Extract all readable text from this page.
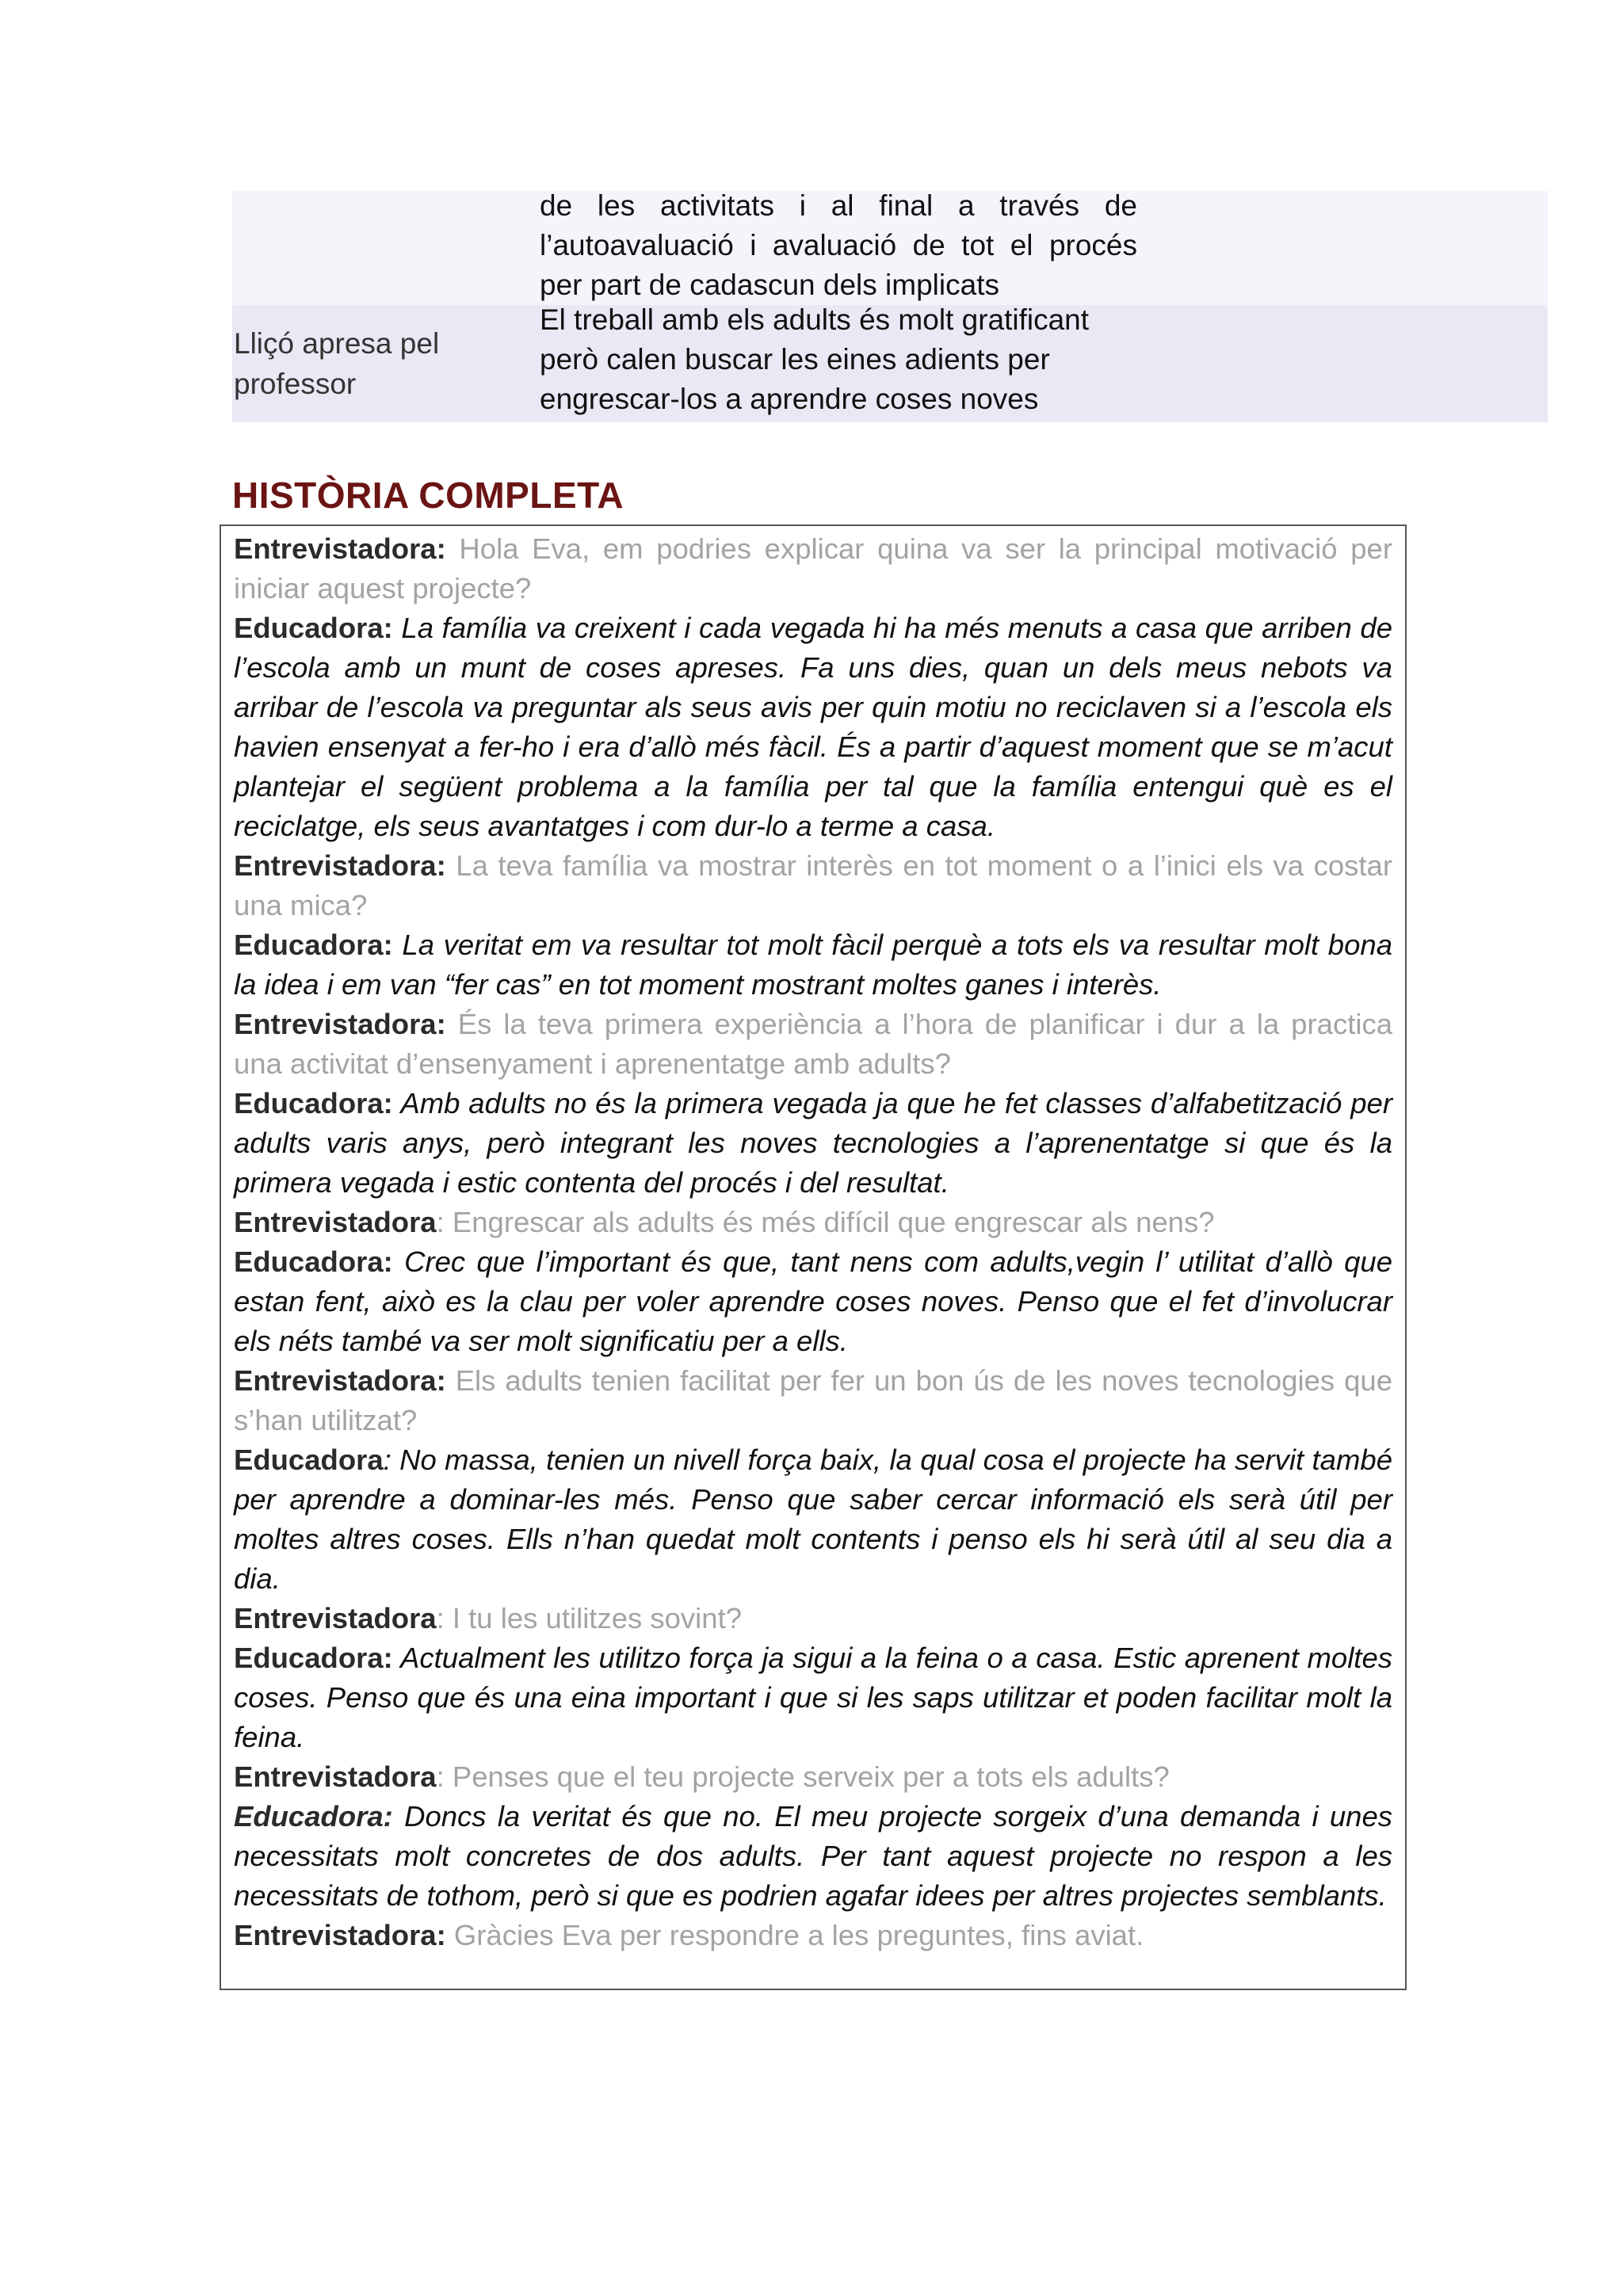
de les activitats i al final a través de l’autoavaluació i avaluació de tot el procés per part de cadascun dels implicats
Lliçó apresa pel professor
El treball amb els adults és molt gratificant però calen buscar les eines adients per engrescar-los a aprendre coses noves
HISTÒRIA COMPLETA

Entrevistadora: Hola Eva, em podries explicar quina va ser la principal motivació per iniciar aquest projecte?

Educadora: La família va creixent i cada vegada hi ha més menuts a casa que arriben de l’escola amb un munt de coses apreses. Fa uns dies, quan un dels meus nebots va arribar de l’escola va preguntar als seus avis per quin motiu no reciclaven si a l’escola els havien ensenyat a fer-ho i era d’allò més fàcil. És a partir d’aquest moment que se m’acut plantejar el següent problema a la família per tal que la família entengui què es el reciclatge, els seus avantatges i com dur-lo a terme a casa.

Entrevistadora: La teva família va mostrar interès en tot moment o a l’inici els va costar una mica?

Educadora: La veritat em va resultar tot molt fàcil perquè a tots els va resultar molt bona la idea i em van “fer cas” en tot moment mostrant moltes ganes i interès.

Entrevistadora: És la teva primera experiència a l’hora de planificar i dur a la practica una activitat d’ensenyament i aprenentatge amb adults?

Educadora: Amb adults no és la primera vegada ja que he fet classes d’alfabetització per adults varis anys, però integrant les noves tecnologies a l’aprenentatge si que és la primera vegada i estic contenta del procés i del resultat.

Entrevistadora: Engrescar als adults és més difícil que engrescar als nens?

Educadora: Crec que l’important és que, tant nens com adults,vegin l’ utilitat d’allò que estan fent, això es la clau per voler aprendre coses noves. Penso que el fet d’involucrar els néts també va ser molt significatiu per a ells.

Entrevistadora: Els adults tenien facilitat per fer un bon ús de les noves tecnologies que s’han utilitzat?

Educadora: No massa, tenien un nivell força baix, la qual cosa el projecte ha servit també per aprendre a dominar-les més. Penso que saber cercar informació els serà útil per moltes altres coses. Ells n’han quedat molt contents i penso els hi serà útil al seu dia a dia.

Entrevistadora: I tu les utilitzes sovint?

Educadora: Actualment les utilitzo força ja sigui a la feina o a casa. Estic aprenent moltes coses. Penso que és una eina important i que si les saps utilitzar et poden facilitar molt la feina.

Entrevistadora: Penses que el teu projecte serveix per a tots els adults?

Educadora: Doncs la veritat és que no. El meu projecte sorgeix d’una demanda i unes necessitats molt concretes de dos adults. Per tant aquest projecte no respon a les necessitats de tothom, però si que es podrien agafar idees per altres projectes semblants.

Entrevistadora: Gràcies Eva per respondre a les preguntes, fins aviat.
